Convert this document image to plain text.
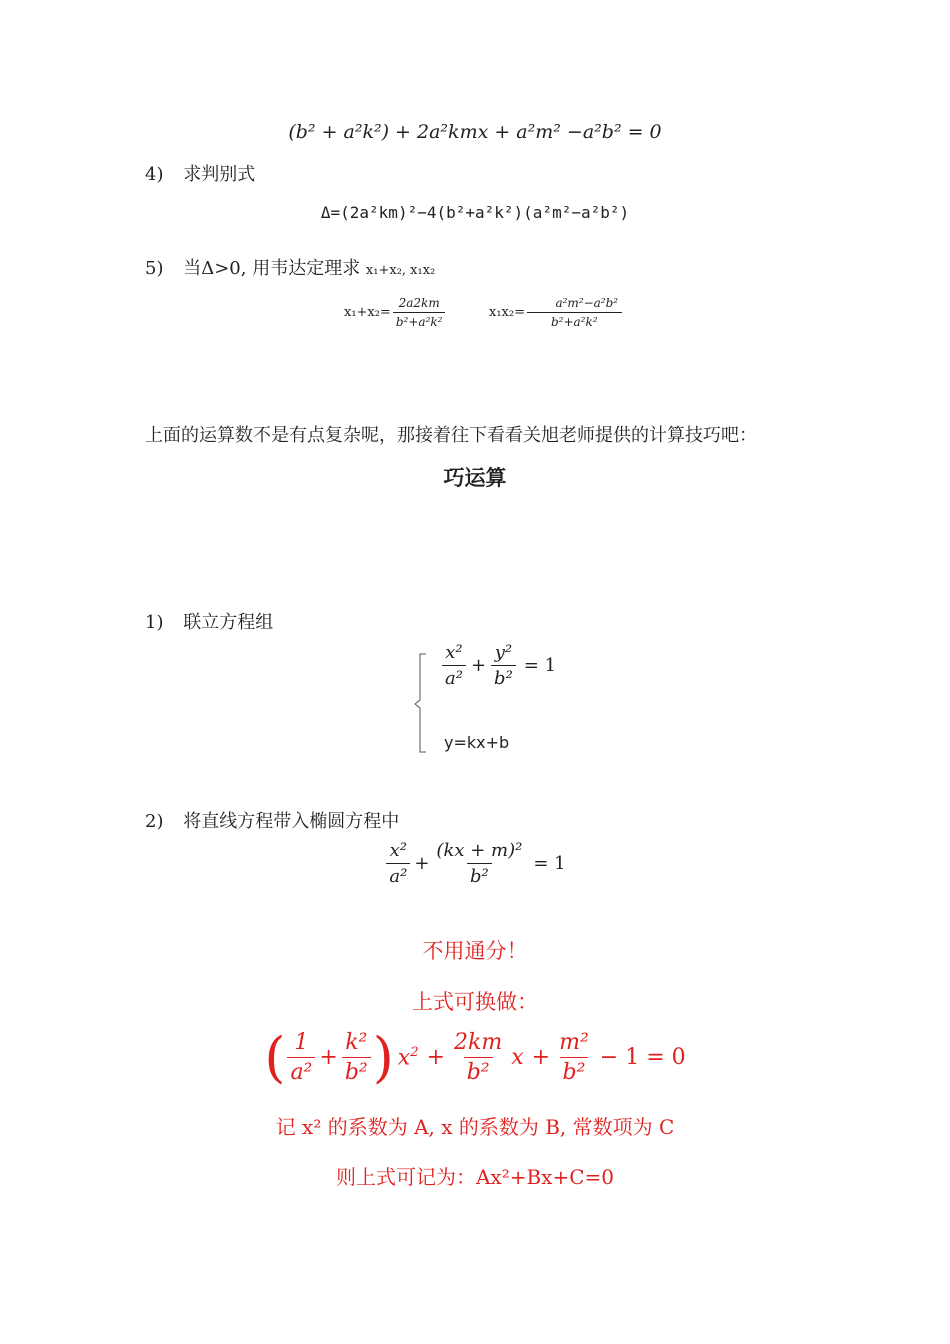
(b² + a²k²) + 2a²kmx + a²m² −a²b² = 0
4) 求判别式
Δ=(2a²km)²−4(b²+a²k²)(a²m²−a²b²)
5) 当Δ>0, 用韦达定理求 x₁+x₂, x₁x₂
$x_1+x_2= \frac{2a2km}{\text{b²+a²k²}}$	$x_1x_2= \frac{\text{a²m²−a²b²}}{\text{b²+a²k²}}$
上面的运算数不是有点复杂呢，那接着往下看看关旭老师提供的计算技巧吧：
巧运算
1) 联立方程组
$\frac{\text{x²}}{\text{a²}} + \frac{\text{y²}}{\text{b²}} = 1$
y=kx+b
2) 将直线方程带入椭圆方程中
$\frac{\text{x²}}{\text{a²}} + \frac{\text{(kx + m)²}}{\text{b²}} = 1$
不用通分！
上式可换做：
( $\frac{1}{\text{a²}} + \frac{\text{k²}}{\text{b²}}$ ) $x^2 + \frac{2km}{\text{b²}}$ $x + \frac{\text{m²}}{\text{b²}} - 1 = 0$
记 x² 的系数为 A, x 的系数为 B, 常数项为 C
则上式可记为：Ax²+Bx+C=0
